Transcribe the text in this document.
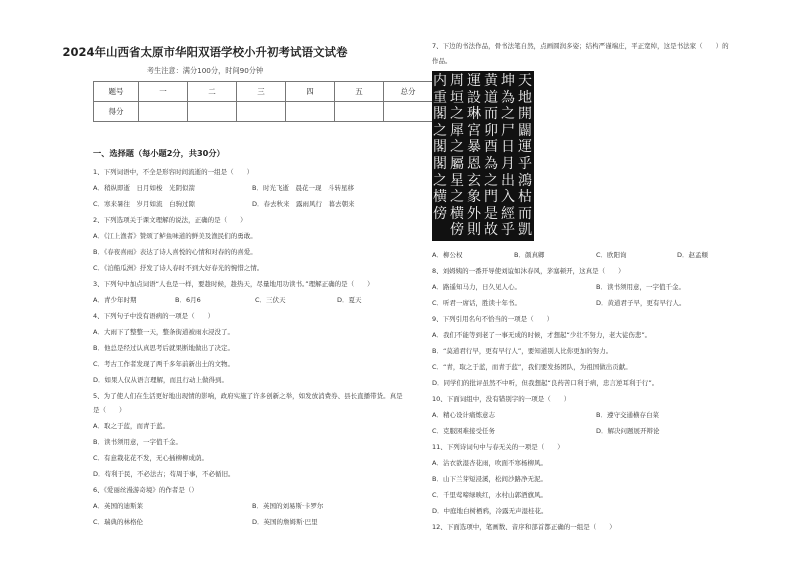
2024年山西省太原市华阳双语学校小升初考试语文试卷
考生注意：满分100分，时间90分钟
题号	一	二	三	四	五	总分
得分						
一、选择题（每小题2分，共30分）
1、下列词语中，不全是形容时间流逝的一组是（　　）
A．稍纵即逝　日月如梭　光阴似箭	B．时光飞逝　晨花一现　斗转星移
C．寒来暑往　岁月如流　白驹过隙	D．春去秋来　露雨风行　暮去朝来
2、下列选项关于课文理解的说法，正确的是（　　）
A．《江上渔者》赞颂了鲈鱼味道的鲜美及渔民们的勇敢。
B．《春夜喜雨》表达了诗人喜悦的心情和对春的的喜爱。
C．《泊船瓜洲》抒发了诗人春时不到大好春光的惋惜之情。
3、下列句中加点词语“人也是一样，要趁时候，趁热天，尽量地用功读书。”理解正确的是（　　）
A．青少年时期	B．6月6	C．三伏天	D．夏天
4、下列句子中没有语病的一项是（　　）
A．大雨下了整整一天，整条街道被雨水浸没了。
B．他总是经过认真思考后就果断地做出了决定。
C．考古工作者发现了两千多年前新出土的文物。
D．如果人仅从语言理解，而且行动上做得到。
5、为了使人们在生活更好地出现情的影响，政府实施了许多创新之举，如发放消费券、县长直播带货。真是
是（　　）
A．取之于蓝，而青于蓝。
B．读书须用意，一字值千金。
C．有意栽花花不发，无心插柳柳成荫。
D．苟利于民，不必法古；苟周于事，不必循旧。
6、《爱丽丝漫游奇境》的作者是（）
A．英国的迪斯莱	B．英国的刘易斯·卡罗尔
C．瑞典的林格伦	D．英国的詹姆斯·巴里
7、下边的书法作品，骨书法笔自然，点画圆润多姿；结构严谨端庄，平正宽绰，这是书法家（　　）的
作品。
天地開闢運乎鴻枯而凱
坤為之尸日月出入經乎
黄道而卯酉為之門是故
運設琳宮暴恩玄象外則
周垣之犀之屬星之横傍
内重閣之閣閣之横傍
A．柳公权	B．颜真卿	C．欧阳询	D．赵孟頫
8、刘姆姨的一番开导使刘谊如沐春风，茅塞顿开，这真是（　　）
A．路遥知马力，日久见人心。	B．读书须用意，一字值千金。
C．听君一席话，胜读十年书。	D．黄道君子早，更有早行人。
9、下列引用名句不恰当的一项是（　　）
A．我们不能等到老了一事无成的时候，才想起“少壮不努力，老大徒伤悲”。
B．“莫道君行早，更有早行人”，要知道别人比你更加的努力。
C．“青，取之于蓝，而青于蓝”，我们要发扬团队，为祖国做出贡献。
D．同学们的批评虽然不中听，但我想起“良药苦口利于病，忠言逆耳利于行”。
10、下面词组中，没有错别字的一项是（　　）
A．精心设计痛炼意志	B．遵守交通横存白菜
C．克服困难接受任务	D．解决问题展开辩论
11、下列诗词句中与春无关的一项是（　　）
A．沾衣欲湿杏花雨，吹面不寒杨柳风。
B．山下兰芽短浸溪，松间沙路净无泥。
C．千里莺啼绿映红，水村山郭酒旗风。
D．中庭地白树栖鸦，冷露无声湿桂花。
12、下面选项中，笔画数、音序和部首都正确的一组是（　　）
